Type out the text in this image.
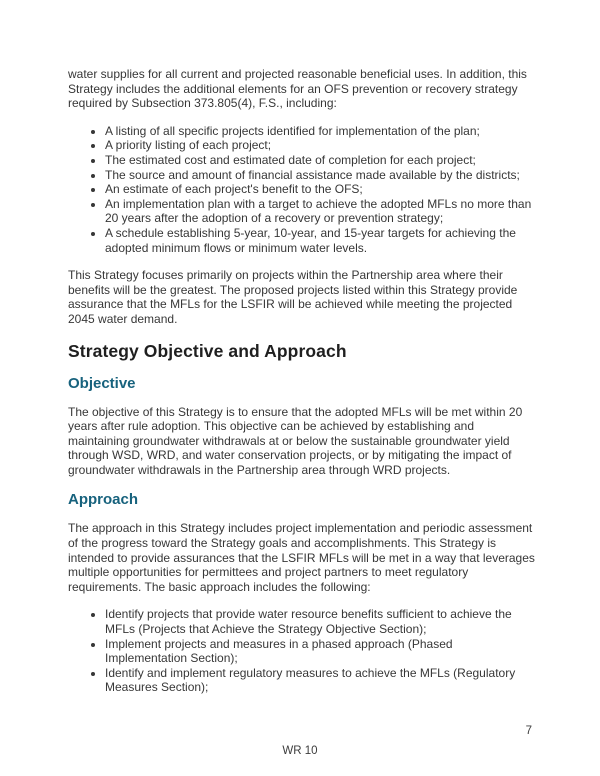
water supplies for all current and projected reasonable beneficial uses. In addition, this Strategy includes the additional elements for an OFS prevention or recovery strategy required by Subsection 373.805(4), F.S., including:

• A listing of all specific projects identified for implementation of the plan;
• A priority listing of each project;
• The estimated cost and estimated date of completion for each project;
• The source and amount of financial assistance made available by the districts;
• An estimate of each project's benefit to the OFS;
• An implementation plan with a target to achieve the adopted MFLs no more than 20 years after the adoption of a recovery or prevention strategy;
• A schedule establishing 5-year, 10-year, and 15-year targets for achieving the adopted minimum flows or minimum water levels.

This Strategy focuses primarily on projects within the Partnership area where their benefits will be the greatest. The proposed projects listed within this Strategy provide assurance that the MFLs for the LSFIR will be achieved while meeting the projected 2045 water demand.

Strategy Objective and Approach
Objective

The objective of this Strategy is to ensure that the adopted MFLs will be met within 20 years after rule adoption. This objective can be achieved by establishing and maintaining groundwater withdrawals at or below the sustainable groundwater yield through WSD, WRD, and water conservation projects, or by mitigating the impact of groundwater withdrawals in the Partnership area through WRD projects.

Approach

The approach in this Strategy includes project implementation and periodic assessment of the progress toward the Strategy goals and accomplishments. This Strategy is intended to provide assurances that the LSFIR MFLs will be met in a way that leverages multiple opportunities for permittees and project partners to meet regulatory requirements. The basic approach includes the following:

• Identify projects that provide water resource benefits sufficient to achieve the MFLs (Projects that Achieve the Strategy Objective Section);
• Implement projects and measures in a phased approach (Phased Implementation Section);
• Identify and implement regulatory measures to achieve the MFLs (Regulatory Measures Section);
7
WR 10
